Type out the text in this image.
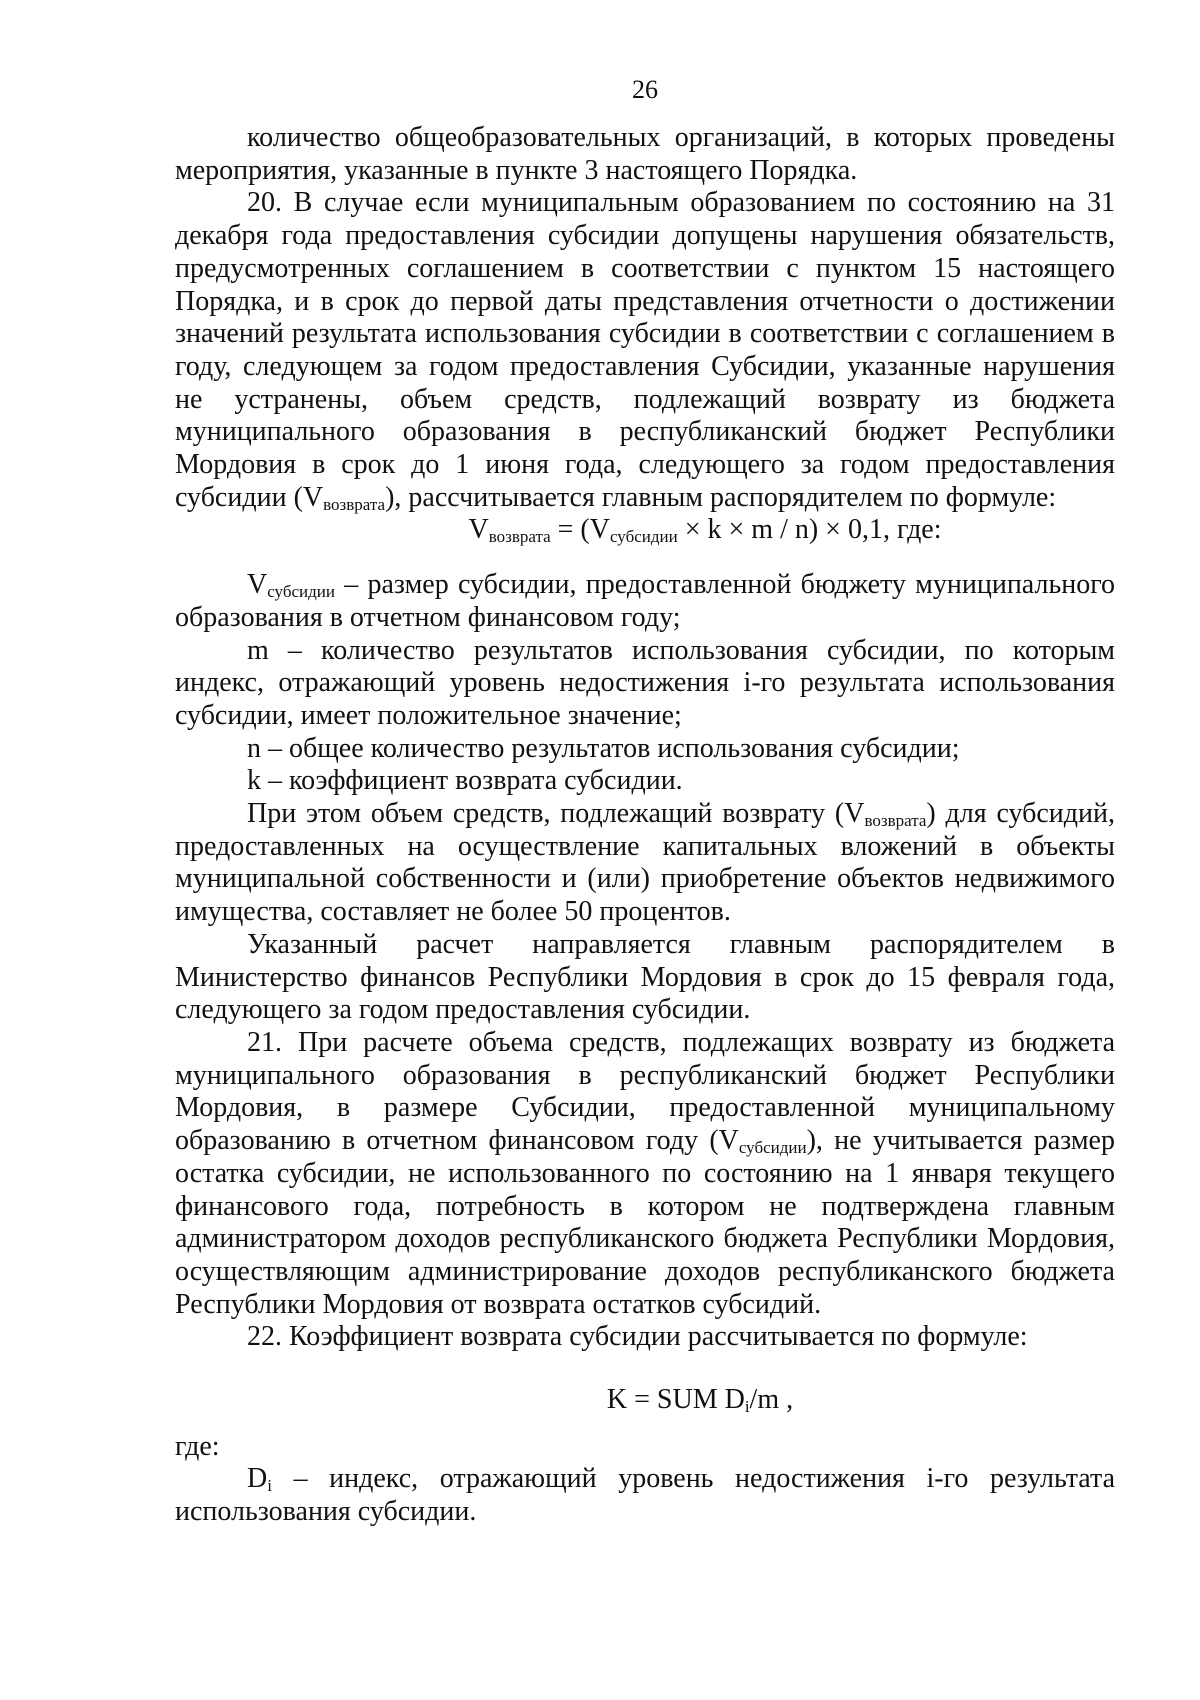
26

количество общеобразовательных организаций, в которых проведены мероприятия, указанные в пункте 3 настоящего Порядка.

20. В случае если муниципальным образованием по состоянию на 31 декабря года предоставления субсидии допущены нарушения обязательств, предусмотренных соглашением в соответствии с пунктом 15 настоящего Порядка, и в срок до первой даты представления отчетности о достижении значений результата использования субсидии в соответствии с соглашением в году, следующем за годом предоставления Субсидии, указанные нарушения не устранены, объем средств, подлежащий возврату из бюджета муниципального образования в республиканский бюджет Республики Мордовия в срок до 1 июня года, следующего за годом предоставления субсидии $(V_{возврата})$, рассчитывается главным распорядителем по формуле:

$V_{возврата} = (V_{субсидии} \times k \times m / n) \times 0,1$, где:

$V_{субсидии}$ – размер субсидии, предоставленной бюджету муниципального образования в отчетном финансовом году;

m – количество результатов использования субсидии, по которым индекс, отражающий уровень недостижения i-го результата использования субсидии, имеет положительное значение;

n – общее количество результатов использования субсидии;

k – коэффициент возврата субсидии.

При этом объем средств, подлежащий возврату $(V_{возврата})$ для субсидий, предоставленных на осуществление капитальных вложений в объекты муниципальной собственности и (или) приобретение объектов недвижимого имущества, составляет не более 50 процентов.

Указанный расчет направляется главным распорядителем в Министерство финансов Республики Мордовия в срок до 15 февраля года, следующего за годом предоставления субсидии.

21. При расчете объема средств, подлежащих возврату из бюджета муниципального образования в республиканский бюджет Республики Мордовия, в размере Субсидии, предоставленной муниципальному образованию в отчетном финансовом году $(V_{субсидии})$, не учитывается размер остатка субсидии, не использованного по состоянию на 1 января текущего финансового года, потребность в котором не подтверждена главным администратором доходов республиканского бюджета Республики Мордовия, осуществляющим администрирование доходов республиканского бюджета Республики Мордовия от возврата остатков субсидий.

22. Коэффициент возврата субсидии рассчитывается по формуле:

K = SUM $D_i/m$ ,

где:

$D_i$ – индекс, отражающий уровень недостижения i-го результата использования субсидии.
